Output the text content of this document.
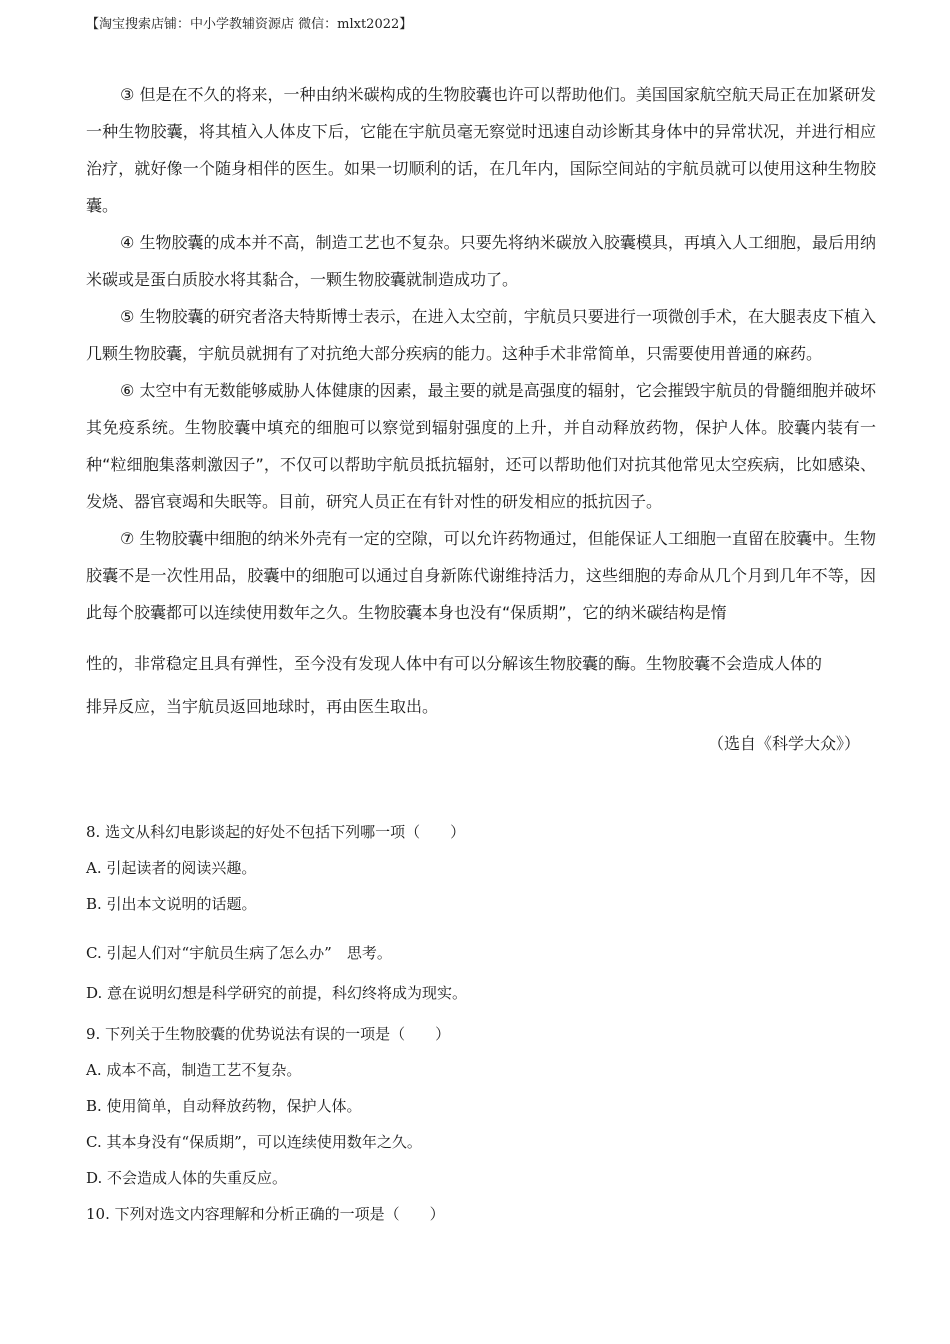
【淘宝搜索店铺：中小学教辅资源店 微信：mlxt2022】

③ 但是在不久的将来，一种由纳米碳构成的生物胶囊也许可以帮助他们。美国国家航空航天局正在加紧研发一种生物胶囊，将其植入人体皮下后，它能在宇航员毫无察觉时迅速自动诊断其身体中的异常状况，并进行相应治疗，就好像一个随身相伴的医生。如果一切顺利的话，在几年内，国际空间站的宇航员就可以使用这种生物胶囊。

④ 生物胶囊的成本并不高，制造工艺也不复杂。只要先将纳米碳放入胶囊模具，再填入人工细胞，最后用纳米碳或是蛋白质胶水将其黏合，一颗生物胶囊就制造成功了。

⑤ 生物胶囊的研究者洛夫特斯博士表示，在进入太空前，宇航员只要进行一项微创手术，在大腿表皮下植入几颗生物胶囊，宇航员就拥有了对抗绝大部分疾病的能力。这种手术非常简单，只需要使用普通的麻药。

⑥ 太空中有无数能够威胁人体健康的因素，最主要的就是高强度的辐射，它会摧毁宇航员的骨髓细胞并破坏其免疫系统。生物胶囊中填充的细胞可以察觉到辐射强度的上升，并自动释放药物，保护人体。胶囊内装有一种“粒细胞集落刺激因子”，不仅可以帮助宇航员抵抗辐射，还可以帮助他们对抗其他常见太空疾病，比如感染、发烧、器官衰竭和失眠等。目前，研究人员正在有针对性的研发相应的抵抗因子。

⑦ 生物胶囊中细胞的纳米外壳有一定的空隙，可以允许药物通过，但能保证人工细胞一直留在胶囊中。生物胶囊不是一次性用品，胶囊中的细胞可以通过自身新陈代谢维持活力，这些细胞的寿命从几个月到几年不等，因此每个胶囊都可以连续使用数年之久。生物胶囊本身也没有“保质期”，它的纳米碳结构是惰

性的，非常稳定且具有弹性，至今没有发现人体中有可以分解该生物胶囊的酶。生物胶囊不会造成人体的

排异反应，当宇航员返回地球时，再由医生取出。

（选自《科学大众》）

8. 选文从科幻电影谈起的好处不包括下列哪一项（　　）

A. 引起读者的阅读兴趣。

B. 引出本文说明的话题。

C. 引起人们对“宇航员生病了怎么办”　思考。

D. 意在说明幻想是科学研究的前提，科幻终将成为现实。

9. 下列关于生物胶囊的优势说法有误的一项是（　　）

A. 成本不高，制造工艺不复杂。

B. 使用简单，自动释放药物，保护人体。

C. 其本身没有“保质期”，可以连续使用数年之久。

D. 不会造成人体的失重反应。

10. 下列对选文内容理解和分析正确的一项是（　　）
